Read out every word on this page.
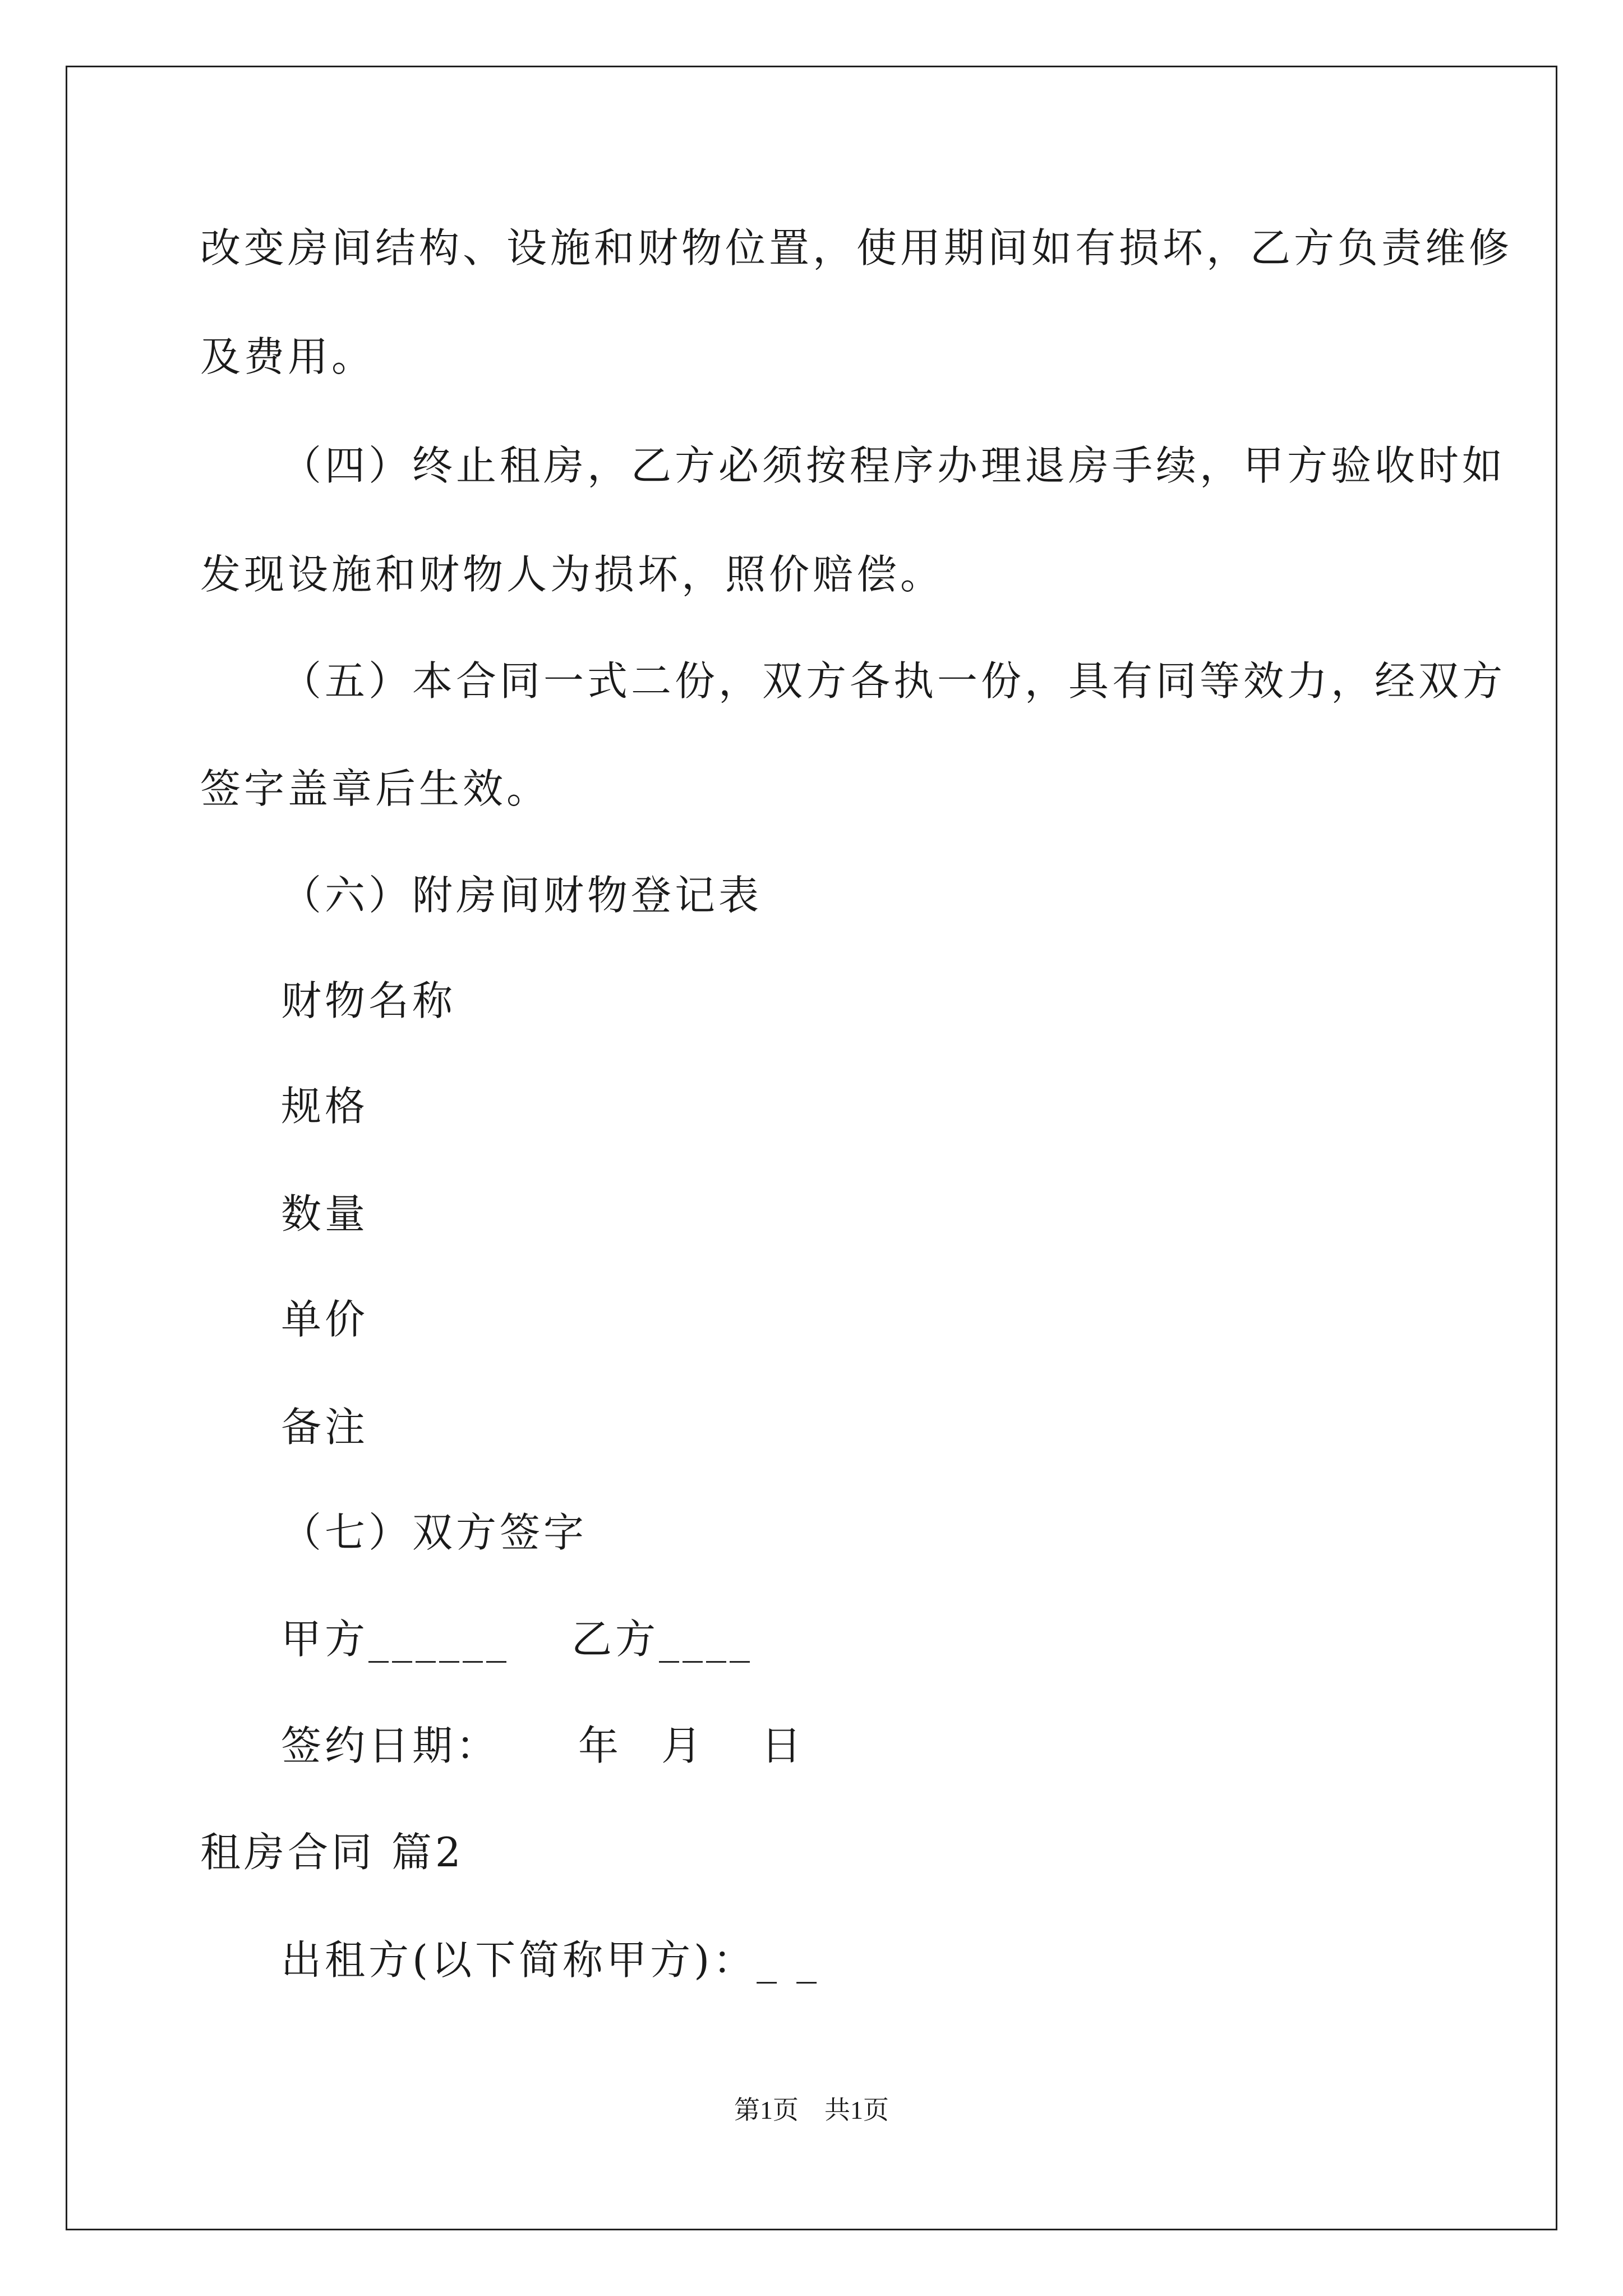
改变房间结构、设施和财物位置，使用期间如有损坏，乙方负责维修
及费用。
（四）终止租房，乙方必须按程序办理退房手续，甲方验收时如
发现设施和财物人为损坏，照价赔偿。
（五）本合同一式二份，双方各执一份，具有同等效力，经双方
签字盖章后生效。
（六）附房间财物登记表
财物名称
规格
数量
单价
备注
（七）双方签字
甲方______ 乙方____
签约日期： 年 月 日
租房合同 篇2
出租方(以下简称甲方)：_ _
第1页　共1页
